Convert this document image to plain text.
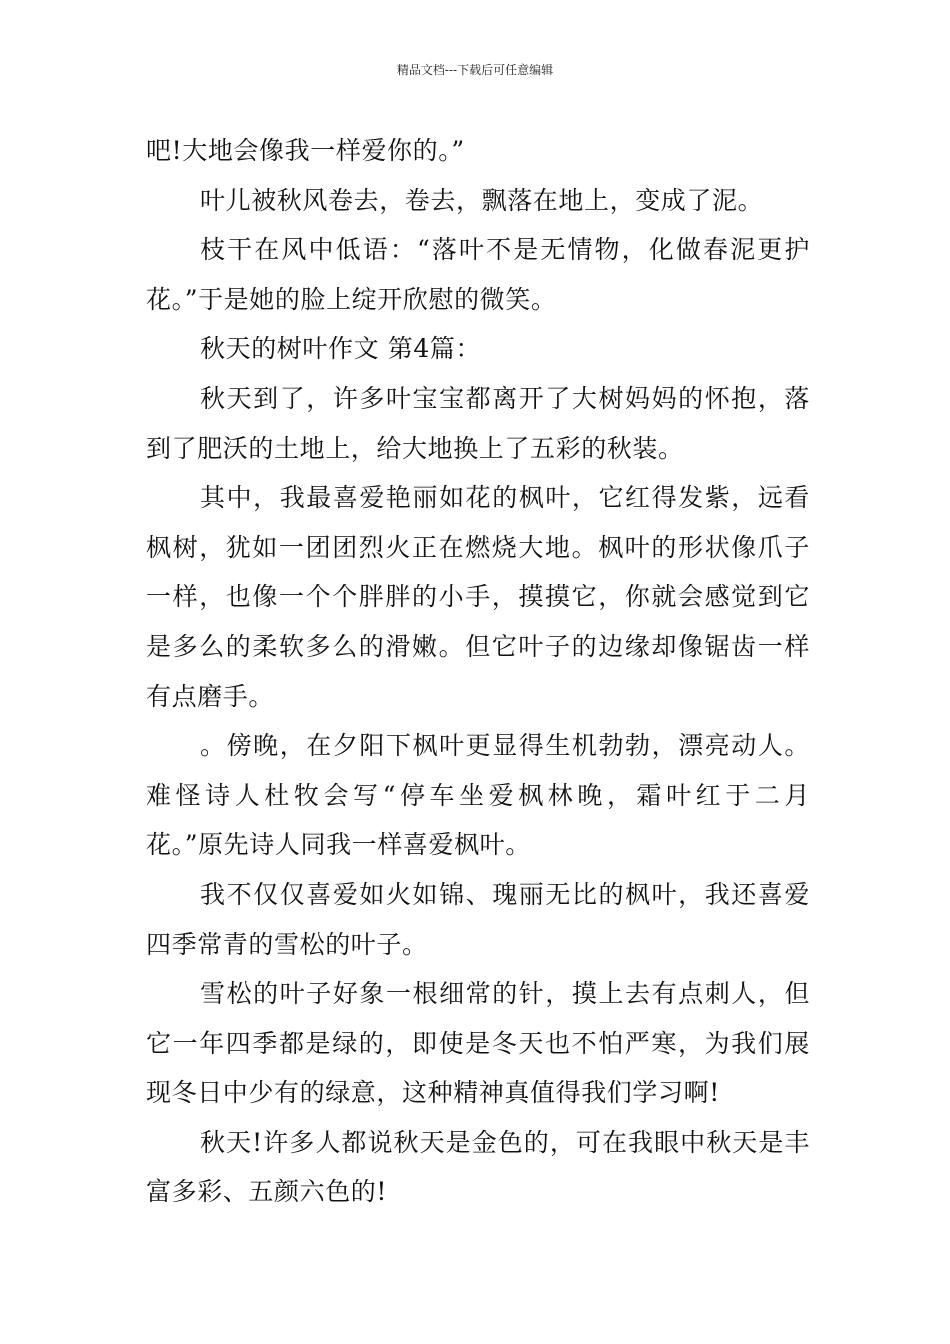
精品文档---下载后可任意编辑
吧!大地会像我一样爱你的。”
叶儿被秋风卷去，卷去，飘落在地上，变成了泥。
枝干在风中低语：“落叶不是无情物，化做春泥更护
花。”于是她的脸上绽开欣慰的微笑。
秋天的树叶作文 第4篇：
秋天到了，许多叶宝宝都离开了大树妈妈的怀抱，落
到了肥沃的土地上，给大地换上了五彩的秋装。
其中，我最喜爱艳丽如花的枫叶，它红得发紫，远看
枫树，犹如一团团烈火正在燃烧大地。枫叶的形状像爪子
一样，也像一个个胖胖的小手，摸摸它，你就会感觉到它
是多么的柔软多么的滑嫩。但它叶子的边缘却像锯齿一样
有点磨手。
。傍晚，在夕阳下枫叶更显得生机勃勃，漂亮动人。
难怪诗人杜牧会写“停车坐爱枫林晚，霜叶红于二月
花。”原先诗人同我一样喜爱枫叶。
我不仅仅喜爱如火如锦、瑰丽无比的枫叶，我还喜爱
四季常青的雪松的叶子。
雪松的叶子好象一根细常的针，摸上去有点刺人，但
它一年四季都是绿的，即使是冬天也不怕严寒，为我们展
现冬日中少有的绿意，这种精神真值得我们学习啊!
秋天!许多人都说秋天是金色的，可在我眼中秋天是丰
富多彩、五颜六色的!
